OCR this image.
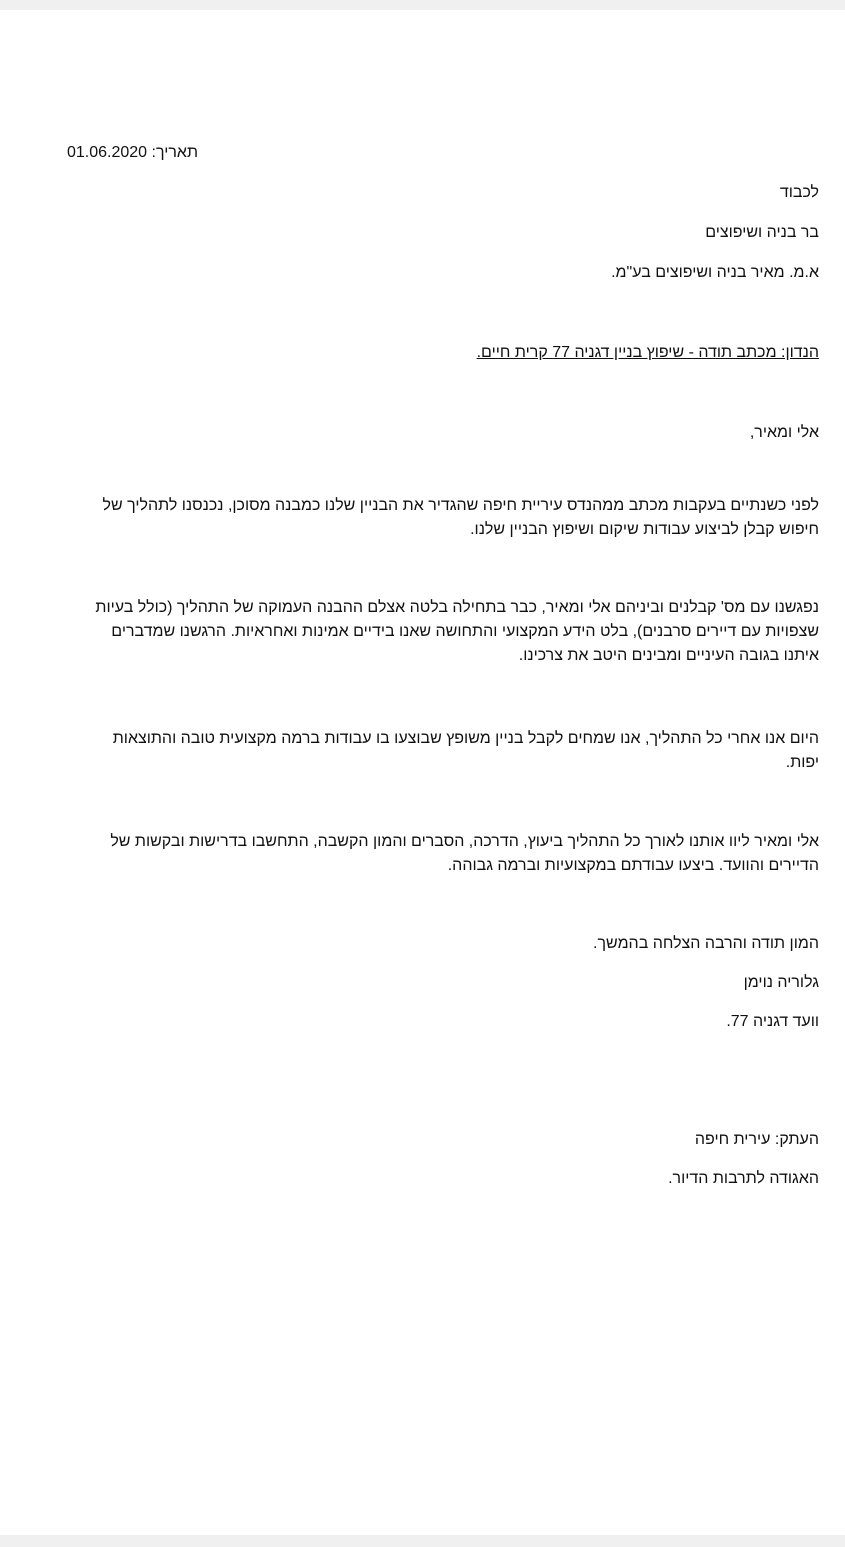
תאריך: 01.06.2020
לכבוד
בר בניה ושיפוצים
א.מ. מאיר בניה ושיפוצים בע"מ.
הנדון: מכתב תודה - שיפוץ בניין דגניה 77 קרית חיים.
אלי ומאיר,
לפני כשנתיים בעקבות מכתב ממהנדס עיריית חיפה שהגדיר את הבניין שלנו כמבנה מסוכן, נכנסנו לתהליך של חיפוש קבלן לביצוע עבודות שיקום ושיפוץ הבניין שלנו.
נפגשנו עם מס' קבלנים וביניהם אלי ומאיר, כבר בתחילה בלטה אצלם ההבנה העמוקה של התהליך (כולל בעיות שצפויות עם דיירים סרבנים), בלט הידע המקצועי והתחושה שאנו בידיים אמינות ואחראיות. הרגשנו שמדברים איתנו בגובה העיניים ומבינים היטב את צרכינו.
היום אנו אחרי כל התהליך, אנו שמחים לקבל בניין משופץ שבוצעו בו עבודות ברמה מקצועית טובה והתוצאות יפות.
אלי ומאיר ליוו אותנו לאורך כל התהליך ביעוץ, הדרכה, הסברים והמון הקשבה, התחשבו בדרישות ובקשות של הדיירים והוועד. ביצעו עבודתם במקצועיות וברמה גבוהה.
המון תודה והרבה הצלחה בהמשך.
גלוריה נוימן
וועד דגניה 77.
העתק: עירית חיפה
האגודה לתרבות הדיור.
